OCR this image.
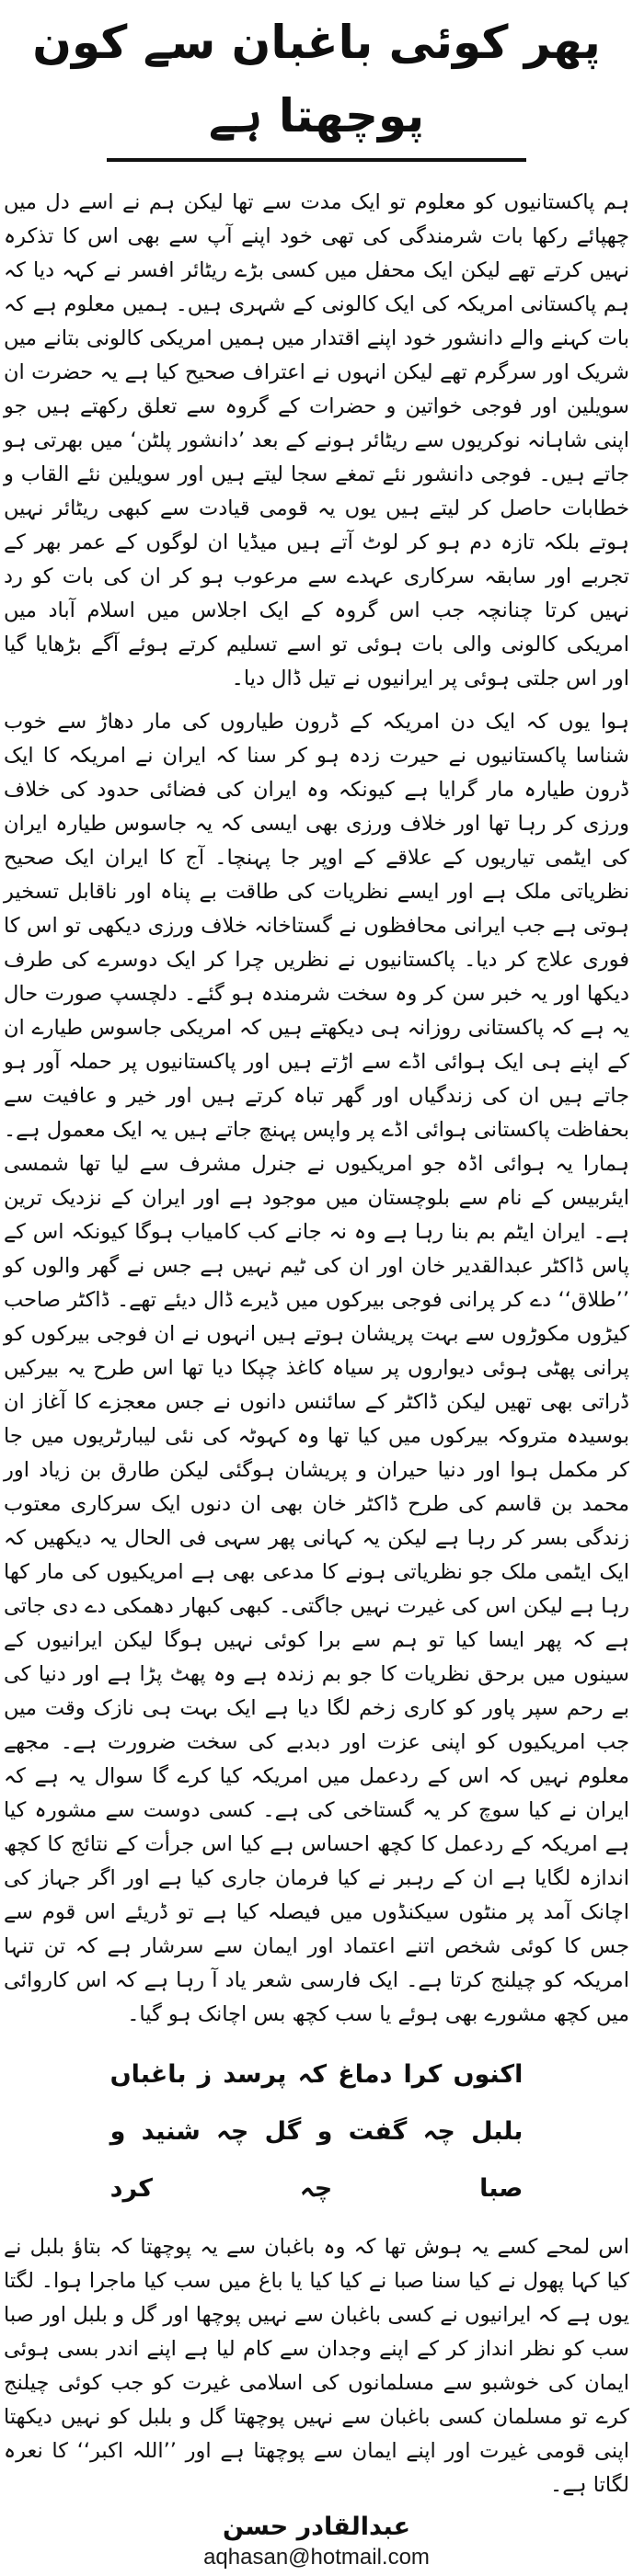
پھر کوئی باغبان سے کون پوچھتا ہے

ہم پاکستانیوں کو معلوم تو ایک مدت سے تھا لیکن ہم نے اسے دل میں چھپائے رکھا بات شرمندگی کی تھی خود اپنے آپ سے بھی اس کا تذکرہ نہیں کرتے تھے لیکن ایک محفل میں کسی بڑے ریٹائر افسر نے کہہ دیا کہ ہم پاکستانی امریکہ کی ایک کالونی کے شہری ہیں۔ ہمیں معلوم ہے کہ بات کہنے والے دانشور خود اپنے اقتدار میں ہمیں امریکی کالونی بتانے میں شریک اور سرگرم تھے لیکن انہوں نے اعتراف صحیح کیا ہے یہ حضرت ان سویلین اور فوجی خواتین و حضرات کے گروہ سے تعلق رکھتے ہیں جو اپنی شاہانہ نوکریوں سے ریٹائر ہونے کے بعد ’دانشور پلٹن‘ میں بھرتی ہو جاتے ہیں۔ فوجی دانشور نئے تمغے سجا لیتے ہیں اور سویلین نئے القاب و خطابات حاصل کر لیتے ہیں یوں یہ قومی قیادت سے کبھی ریٹائر نہیں ہوتے بلکہ تازہ دم ہو کر لوٹ آتے ہیں میڈیا ان لوگوں کے عمر بھر کے تجربے اور سابقہ سرکاری عہدے سے مرعوب ہو کر ان کی بات کو رد نہیں کرتا چنانچہ جب اس گروہ کے ایک اجلاس میں اسلام آباد میں امریکی کالونی والی بات ہوئی تو اسے تسلیم کرتے ہوئے آگے بڑھایا گیا اور اس جلتی ہوئی پر ایرانیوں نے تیل ڈال دیا۔

ہوا یوں کہ ایک دن امریکہ کے ڈرون طیاروں کی مار دھاڑ سے خوب شناسا پاکستانیوں نے حیرت زدہ ہو کر سنا کہ ایران نے امریکہ کا ایک ڈرون طیارہ مار گرایا ہے کیونکہ وہ ایران کی فضائی حدود کی خلاف ورزی کر رہا تھا اور خلاف ورزی بھی ایسی کہ یہ جاسوس طیارہ ایران کی ایٹمی تیاریوں کے علاقے کے اوپر جا پہنچا۔ آج کا ایران ایک صحیح نظریاتی ملک ہے اور ایسے نظریات کی طاقت بے پناہ اور ناقابل تسخیر ہوتی ہے جب ایرانی محافظوں نے گستاخانہ خلاف ورزی دیکھی تو اس کا فوری علاج کر دیا۔ پاکستانیوں نے نظریں چرا کر ایک دوسرے کی طرف دیکھا اور یہ خبر سن کر وہ سخت شرمندہ ہو گئے۔ دلچسپ صورت حال یہ ہے کہ پاکستانی روزانہ ہی دیکھتے ہیں کہ امریکی جاسوس طیارے ان کے اپنے ہی ایک ہوائی اڈے سے اڑتے ہیں اور پاکستانیوں پر حملہ آور ہو جاتے ہیں ان کی زندگیاں اور گھر تباہ کرتے ہیں اور خیر و عافیت سے بحفاظت پاکستانی ہوائی اڈے پر واپس پہنچ جاتے ہیں یہ ایک معمول ہے۔ ہمارا یہ ہوائی اڈہ جو امریکیوں نے جنرل مشرف سے لیا تھا شمسی ایئربیس کے نام سے بلوچستان میں موجود ہے اور ایران کے نزدیک ترین ہے۔ ایران ایٹم بم بنا رہا ہے وہ نہ جانے کب کامیاب ہوگا کیونکہ اس کے پاس ڈاکٹر عبدالقدیر خان اور ان کی ٹیم نہیں ہے جس نے گھر والوں کو ’’طلاق‘‘ دے کر پرانی فوجی بیرکوں میں ڈیرے ڈال دیئے تھے۔ ڈاکٹر صاحب کیڑوں مکوڑوں سے بہت پریشان ہوتے ہیں انہوں نے ان فوجی بیرکوں کو پرانی پھٹی ہوئی دیواروں پر سیاہ کاغذ چپکا دیا تھا اس طرح یہ بیرکیں ڈراتی بھی تھیں لیکن ڈاکٹر کے سائنس دانوں نے جس معجزے کا آغاز ان بوسیدہ متروکہ بیرکوں میں کیا تھا وہ کہوٹہ کی نئی لیبارٹریوں میں جا کر مکمل ہوا اور دنیا حیران و پریشان ہوگئی لیکن طارق بن زیاد اور محمد بن قاسم کی طرح ڈاکٹر خان بھی ان دنوں ایک سرکاری معتوب زندگی بسر کر رہا ہے لیکن یہ کہانی پھر سہی فی الحال یہ دیکھیں کہ ایک ایٹمی ملک جو نظریاتی ہونے کا مدعی بھی ہے امریکیوں کی مار کھا رہا ہے لیکن اس کی غیرت نہیں جاگتی۔ کبھی کبھار دھمکی دے دی جاتی ہے کہ پھر ایسا کیا تو ہم سے برا کوئی نہیں ہوگا لیکن ایرانیوں کے سینوں میں برحق نظریات کا جو بم زندہ ہے وہ پھٹ پڑا ہے اور دنیا کی بے رحم سپر پاور کو کاری زخم لگا دیا ہے ایک بہت ہی نازک وقت میں جب امریکیوں کو اپنی عزت اور دبدبے کی سخت ضرورت ہے۔ مجھے معلوم نہیں کہ اس کے ردعمل میں امریکہ کیا کرے گا سوال یہ ہے کہ ایران نے کیا سوچ کر یہ گستاخی کی ہے۔ کسی دوست سے مشورہ کیا ہے امریکہ کے ردعمل کا کچھ احساس ہے کیا اس جرأت کے نتائج کا کچھ اندازہ لگایا ہے ان کے رہبر نے کیا فرمان جاری کیا ہے اور اگر جہاز کی اچانک آمد پر منٹوں سیکنڈوں میں فیصلہ کیا ہے تو ڈریئے اس قوم سے جس کا کوئی شخص اتنے اعتماد اور ایمان سے سرشار ہے کہ تن تنہا امریکہ کو چیلنج کرتا ہے۔ ایک فارسی شعر یاد آ رہا ہے کہ اس کاروائی میں کچھ مشورے بھی ہوئے یا سب کچھ بس اچانک ہو گیا۔

اکنوں کرا دماغ کہ پرسد ز باغباں
بلبل چہ گفت و گل چہ شنید و صبا چہ کرد

اس لمحے کسے یہ ہوش تھا کہ وہ باغبان سے یہ پوچھتا کہ بتاؤ بلبل نے کیا کہا پھول نے کیا سنا صبا نے کیا کیا یا باغ میں سب کیا ماجرا ہوا۔ لگتا یوں ہے کہ ایرانیوں نے کسی باغبان سے نہیں پوچھا اور گل و بلبل اور صبا سب کو نظر انداز کر کے اپنے وجدان سے کام لیا ہے اپنے اندر بسی ہوئی ایمان کی خوشبو سے مسلمانوں کی اسلامی غیرت کو جب کوئی چیلنج کرے تو مسلمان کسی باغبان سے نہیں پوچھتا گل و بلبل کو نہیں دیکھتا اپنی قومی غیرت اور اپنے ایمان سے پوچھتا ہے اور ’’اللہ اکبر‘‘ کا نعرہ لگاتا ہے۔

عبدالقادر حسن
aqhasan@hotmail.com
